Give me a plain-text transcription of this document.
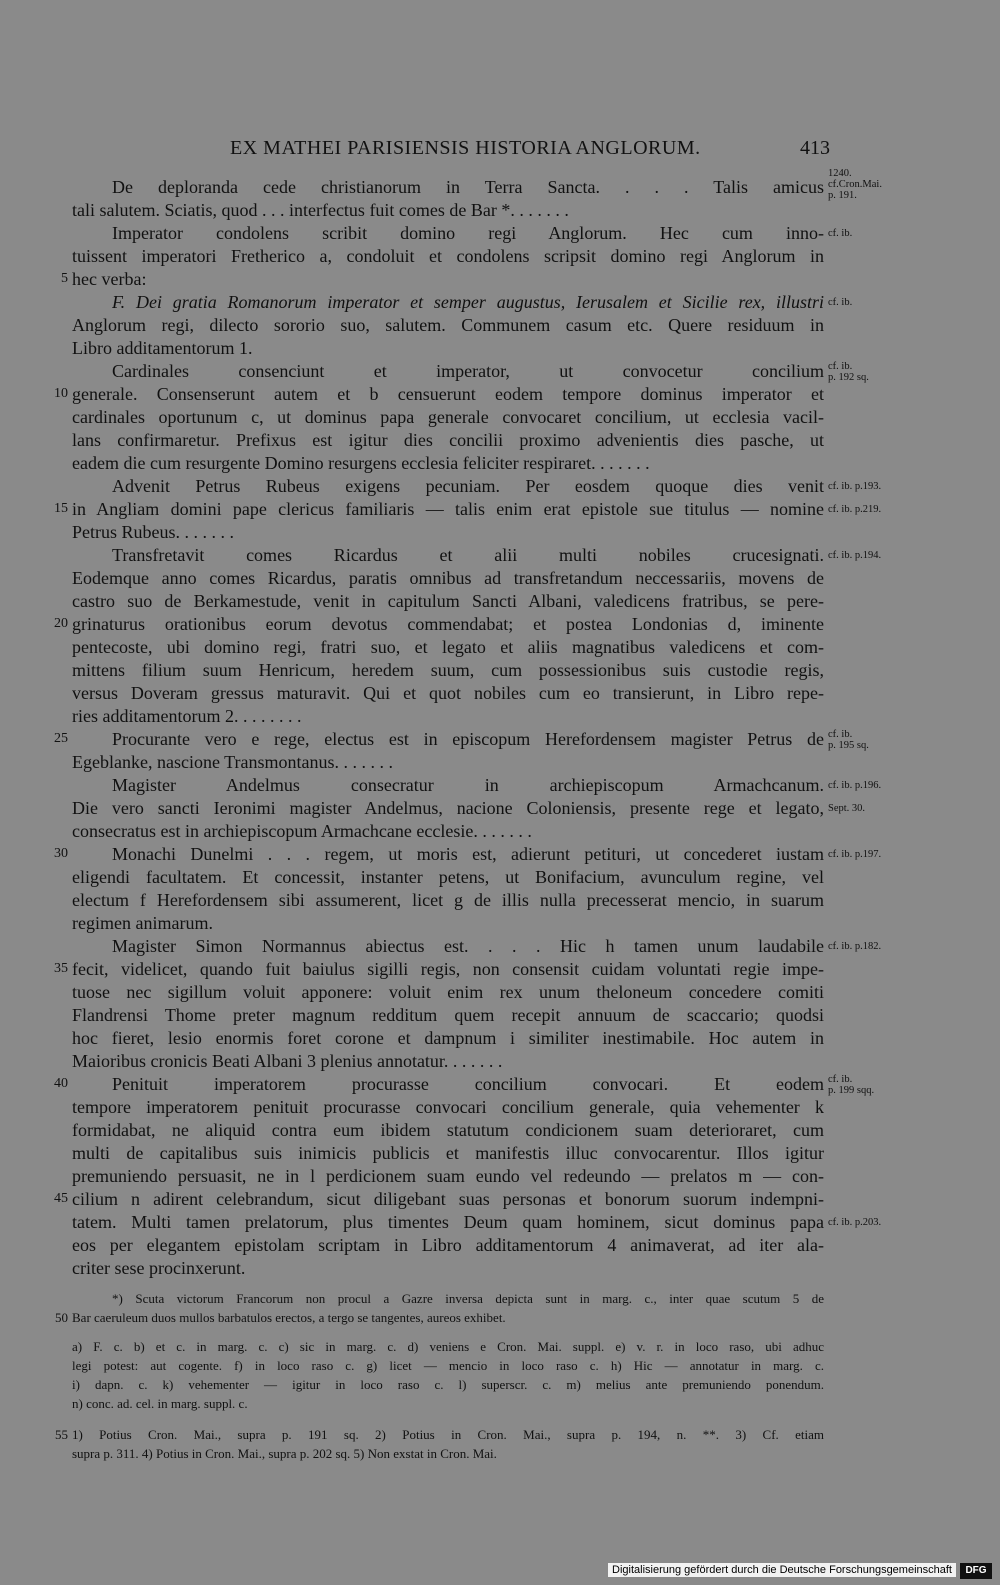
EX MATHEI PARISIENSIS HISTORIA ANGLORUM.	413
De deploranda cede christianorum in Terra Sancta. . . . Talis amicus
tali salutem. Sciatis, quod . . . interfectus fuit comes de Bar *. . . . . . .
Imperator condolens scribit domino regi Anglorum. Hec cum inno-
tuissent imperatori Fretherico a, condoluit et condolens scripsit domino regi Anglorum in
hec verba:
F. Dei gratia Romanorum imperator et semper augustus, Ierusalem et Sicilie rex, illustri
Anglorum regi, dilecto sororio suo, salutem. Communem casum etc. Quere residuum in
Libro additamentorum 1.
Cardinales consenciunt et imperator, ut convocetur concilium
generale. Consenserunt autem et b censuerunt eodem tempore dominus imperator et
cardinales oportunum c, ut dominus papa generale convocaret concilium, ut ecclesia vacil-
lans confirmaretur. Prefixus est igitur dies concilii proximo advenientis dies pasche, ut
eadem die cum resurgente Domino resurgens ecclesia feliciter respiraret. . . . . . .
Advenit Petrus Rubeus exigens pecuniam. Per eosdem quoque dies venit
in Angliam domini pape clericus familiaris — talis enim erat epistole sue titulus — nomine
Petrus Rubeus. . . . . . .
Transfretavit comes Ricardus et alii multi nobiles crucesignati.
Eodemque anno comes Ricardus, paratis omnibus ad transfretandum neccessariis, movens de
castro suo de Berkamestude, venit in capitulum Sancti Albani, valedicens fratribus, se pere-
grinaturus orationibus eorum devotus commendabat; et postea Londonias d, iminente
pentecoste, ubi domino regi, fratri suo, et legato et aliis magnatibus valedicens et com-
mittens filium suum Henricum, heredem suum, cum possessionibus suis custodie regis,
versus Doveram gressus maturavit. Qui et quot nobiles cum eo transierunt, in Libro repe-
ries additamentorum 2. . . . . . . .
Procurante vero e rege, electus est in episcopum Herefordensem magister Petrus de
Egeblanke, nascione Transmontanus. . . . . . .
Magister Andelmus consecratur in archiepiscopum Armachcanum.
Die vero sancti Ieronimi magister Andelmus, nacione Coloniensis, presente rege et legato,
consecratus est in archiepiscopum Armachcane ecclesie. . . . . . .
Monachi Dunelmi . . . regem, ut moris est, adierunt petituri, ut concederet iustam
eligendi facultatem. Et concessit, instanter petens, ut Bonifacium, avunculum regine, vel
electum f Herefordensem sibi assumerent, licet g de illis nulla precesserat mencio, in suarum
regimen animarum.
Magister Simon Normannus abiectus est. . . . Hic h tamen unum laudabile
fecit, videlicet, quando fuit baiulus sigilli regis, non consensit cuidam voluntati regie impe-
tuose nec sigillum voluit apponere: voluit enim rex unum theloneum concedere comiti
Flandrensi Thome preter magnum redditum quem recepit annuum de scaccario; quodsi
hoc fieret, lesio enormis foret corone et dampnum i similiter inestimabile. Hoc autem in
Maioribus cronicis Beati Albani 3 plenius annotatur. . . . . . .
Penituit imperatorem procurasse concilium convocari. Et eodem
tempore imperatorem penituit procurasse convocari concilium generale, quia vehementer k
formidabat, ne aliquid contra eum ibidem statutum condicionem suam deterioraret, cum
multi de capitalibus suis inimicis publicis et manifestis illuc convocarentur. Illos igitur
premuniendo persuasit, ne in l perdicionem suam eundo vel redeundo — prelatos m — con-
cilium n adirent celebrandum, sicut diligebant suas personas et bonorum suorum indempni-
tatem. Multi tamen prelatorum, plus timentes Deum quam hominem, sicut dominus papa
eos per elegantem epistolam scriptam in Libro additamentorum 4 animaverat, ad iter ala-
criter sese procinxerunt.
5
10
15
20
25
30
35
40
45
1240.
cf.Cron.Mai.
p. 191.
cf. ib.
cf. ib.
cf. ib.
p. 192 sq.
cf. ib. p.193.
cf. ib. p.219.
cf. ib. p.194.
cf. ib.
p. 195 sq.
cf. ib. p.196.
Sept. 30.
cf. ib. p.197.
cf. ib. p.182.
cf. ib.
p. 199 sqq.
cf. ib. p.203.
*) Scuta victorum Francorum non procul a Gazre inversa depicta sunt in marg. c., inter quae scutum 5 de
Bar caeruleum duos mullos barbatulos erectos, a tergo se tangentes, aureos exhibet.
50
a) F. c. b) et c. in marg. c. c) sic in marg. c. d) veniens e Cron. Mai. suppl. e) v. r. in loco raso, ubi adhuc
legi potest: aut cogente. f) in loco raso c. g) licet — mencio in loco raso c. h) Hic — annotatur in marg. c.
i) dapn. c. k) vehementer — igitur in loco raso c. l) superscr. c. m) melius ante premuniendo ponendum.
n) conc. ad. cel. in marg. suppl. c.
1) Potius Cron. Mai., supra p. 191 sq. 2) Potius in Cron. Mai., supra p. 194, n. **. 3) Cf. etiam
55
supra p. 311. 4) Potius in Cron. Mai., supra p. 202 sq. 5) Non exstat in Cron. Mai.
Digitalisierung gefördert durch die Deutsche Forschungsgemeinschaft	DFG
